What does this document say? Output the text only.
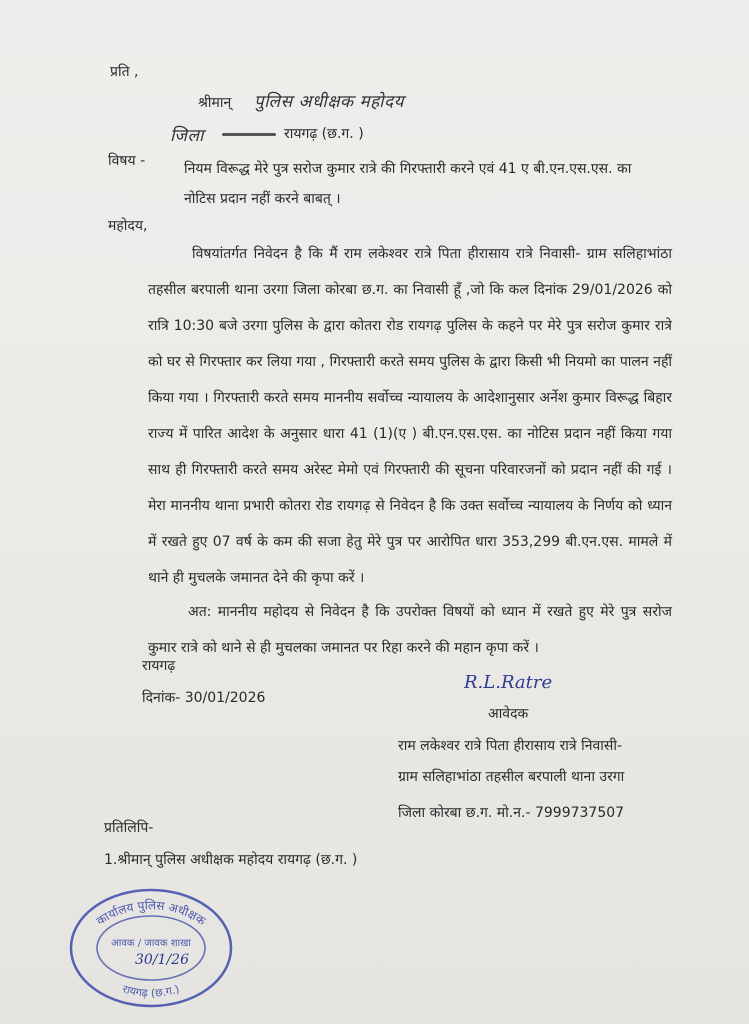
प्रति ,
श्रीमान् पुलिस अधीक्षक महोदय
जिला	रायगढ़ (छ.ग. )
विषय -	नियम विरूद्ध मेरे पुत्र सरोज कुमार रात्रे की गिरफ्तारी करने एवं 41 ए बी.एन.एस.एस. का
नोटिस प्रदान नहीं करने बाबत् ।
महोदय,
विषयांतर्गत निवेदन है कि मैं राम लकेश्वर रात्रे पिता हीरासाय रात्रे निवासी- ग्राम सलिहाभांठा तहसील बरपाली थाना उरगा जिला कोरबा छ.ग. का निवासी हूँ ,जो कि कल दिनांक 29/01/2026 को रात्रि 10:30 बजे उरगा पुलिस के द्वारा कोतरा रोड रायगढ़ पुलिस के कहने पर मेरे पुत्र सरोज कुमार रात्रे को घर से गिरफ्तार कर लिया गया , गिरफ्तारी करते समय पुलिस के द्वारा किसी भी नियमो का पालन नहीं किया गया । गिरफ्तारी करते समय माननीय सर्वोच्च न्यायालय के आदेशानुसार अर्नेश कुमार विरूद्ध बिहार राज्य में पारित आदेश के अनुसार धारा 41 (1)(ए ) बी.एन.एस.एस. का नोटिस प्रदान नहीं किया गया साथ ही गिरफ्तारी करते समय अरेस्ट मेमो एवं गिरफ्तारी की सूचना परिवारजनों को प्रदान नहीं की गई । मेरा माननीय थाना प्रभारी कोतरा रोड रायगढ़ से निवेदन है कि उक्त सर्वोच्च न्यायालय के निर्णय को ध्यान में रखते हुए 07 वर्ष के कम की सजा हेतु मेरे पुत्र पर आरोपित धारा 353,299 बी.एन.एस. मामले में थाने ही मुचलके जमानत देने की कृपा करें ।
अत: माननीय महोदय से निवेदन है कि उपरोक्त विषयों को ध्यान में रखते हुए मेरे पुत्र सरोज कुमार रात्रे को थाने से ही मुचलका जमानत पर रिहा करने की महान कृपा करें ।
रायगढ़
दिनांक- 30/01/2026
R.L.Ratre
आवेदक
राम लकेश्वर रात्रे पिता हीरासाय रात्रे निवासी-
ग्राम सलिहाभांठा तहसील बरपाली थाना उरगा
जिला कोरबा छ.ग. मो.न.- 7999737507
प्रतिलिपि-
1.श्रीमान् पुलिस अधीक्षक महोदय रायगढ़ (छ.ग. )
कार्यालय पुलिस अधीक्षक
आवक / जावक शाखा
30/1/26
रायगढ़ (छ.ग.)
